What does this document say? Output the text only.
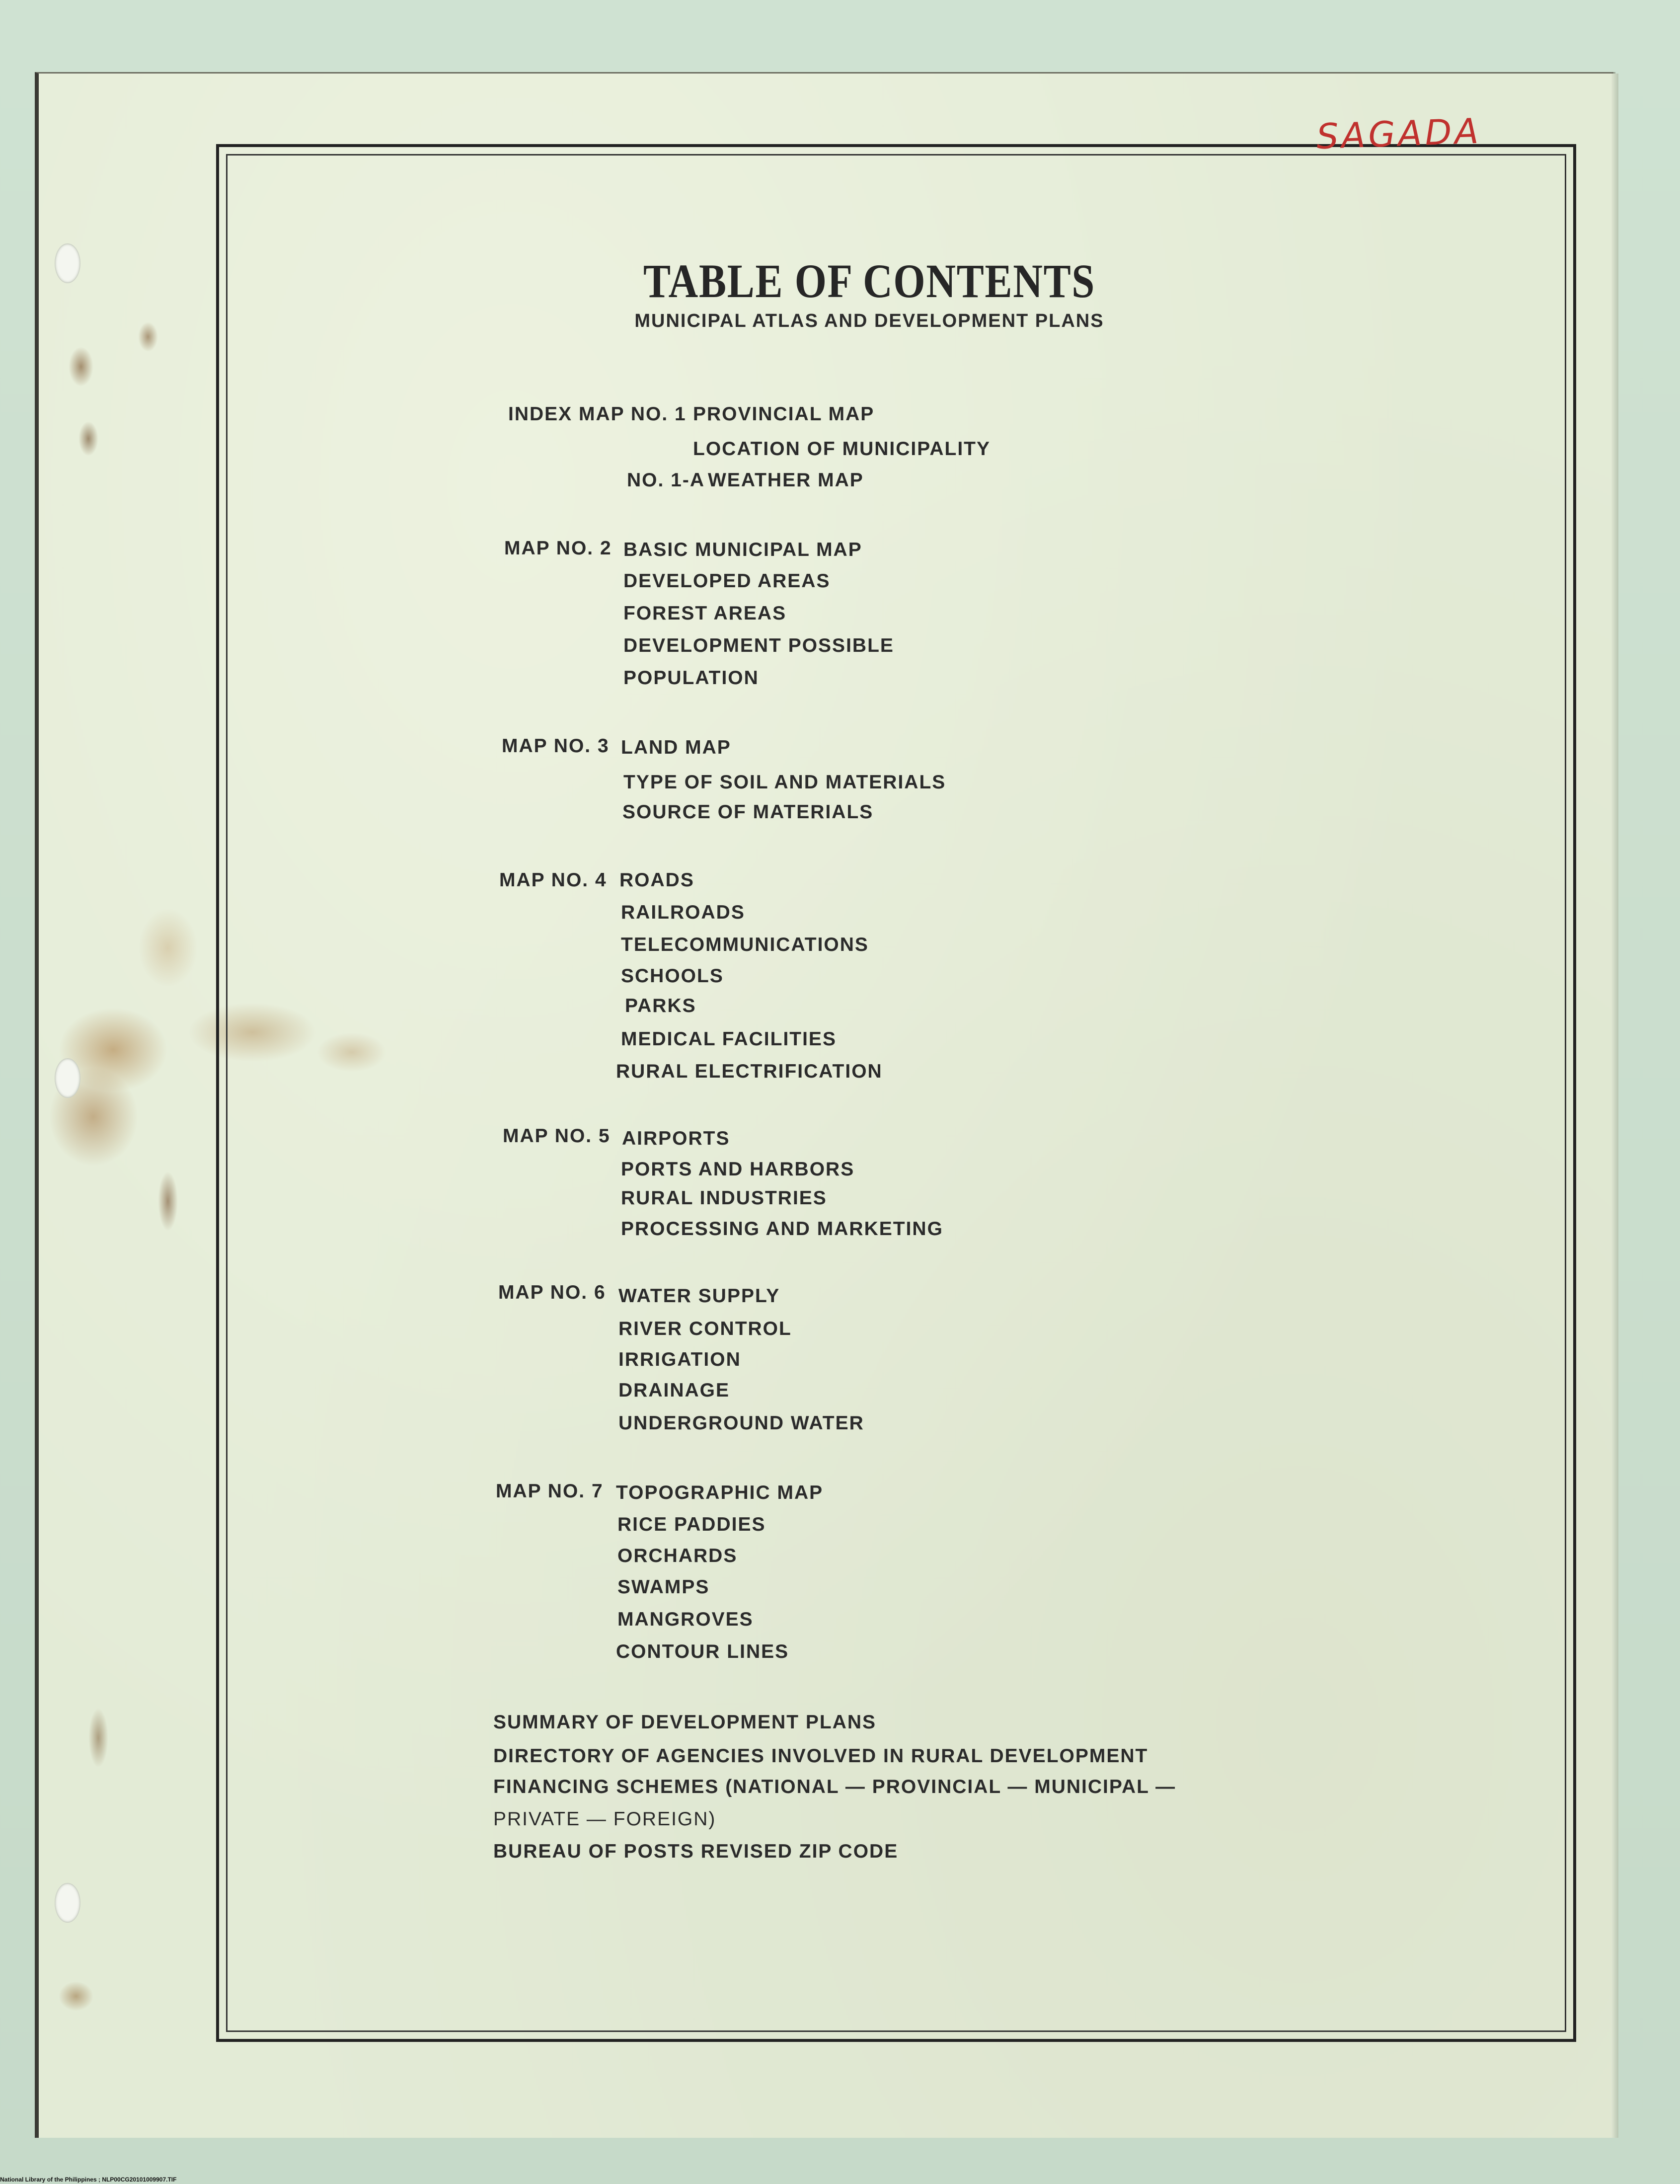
SAGADA
TABLE OF CONTENTS
MUNICIPAL ATLAS AND DEVELOPMENT PLANS
INDEX MAP NO. 1 PROVINCIAL MAP
LOCATION OF MUNICIPALITY
NO. 1-A WEATHER MAP
MAP NO. 2 BASIC MUNICIPAL MAP
DEVELOPED AREAS
FOREST AREAS
DEVELOPMENT POSSIBLE
POPULATION
MAP NO. 3 LAND MAP
TYPE OF SOIL AND MATERIALS
SOURCE OF MATERIALS
MAP NO. 4 ROADS
RAILROADS
TELECOMMUNICATIONS
SCHOOLS
PARKS
MEDICAL FACILITIES
RURAL ELECTRIFICATION
MAP NO. 5 AIRPORTS
PORTS AND HARBORS
RURAL INDUSTRIES
PROCESSING AND MARKETING
MAP NO. 6 WATER SUPPLY
RIVER CONTROL
IRRIGATION
DRAINAGE
UNDERGROUND WATER
MAP NO. 7 TOPOGRAPHIC MAP
RICE PADDIES
ORCHARDS
SWAMPS
MANGROVES
CONTOUR LINES
SUMMARY OF DEVELOPMENT PLANS
DIRECTORY OF AGENCIES INVOLVED IN RURAL DEVELOPMENT
FINANCING SCHEMES (NATIONAL — PROVINCIAL — MUNICIPAL —
PRIVATE — FOREIGN)
BUREAU OF POSTS REVISED ZIP CODE
National Library of the Philippines ; NLP00CG20101009907.TIF
